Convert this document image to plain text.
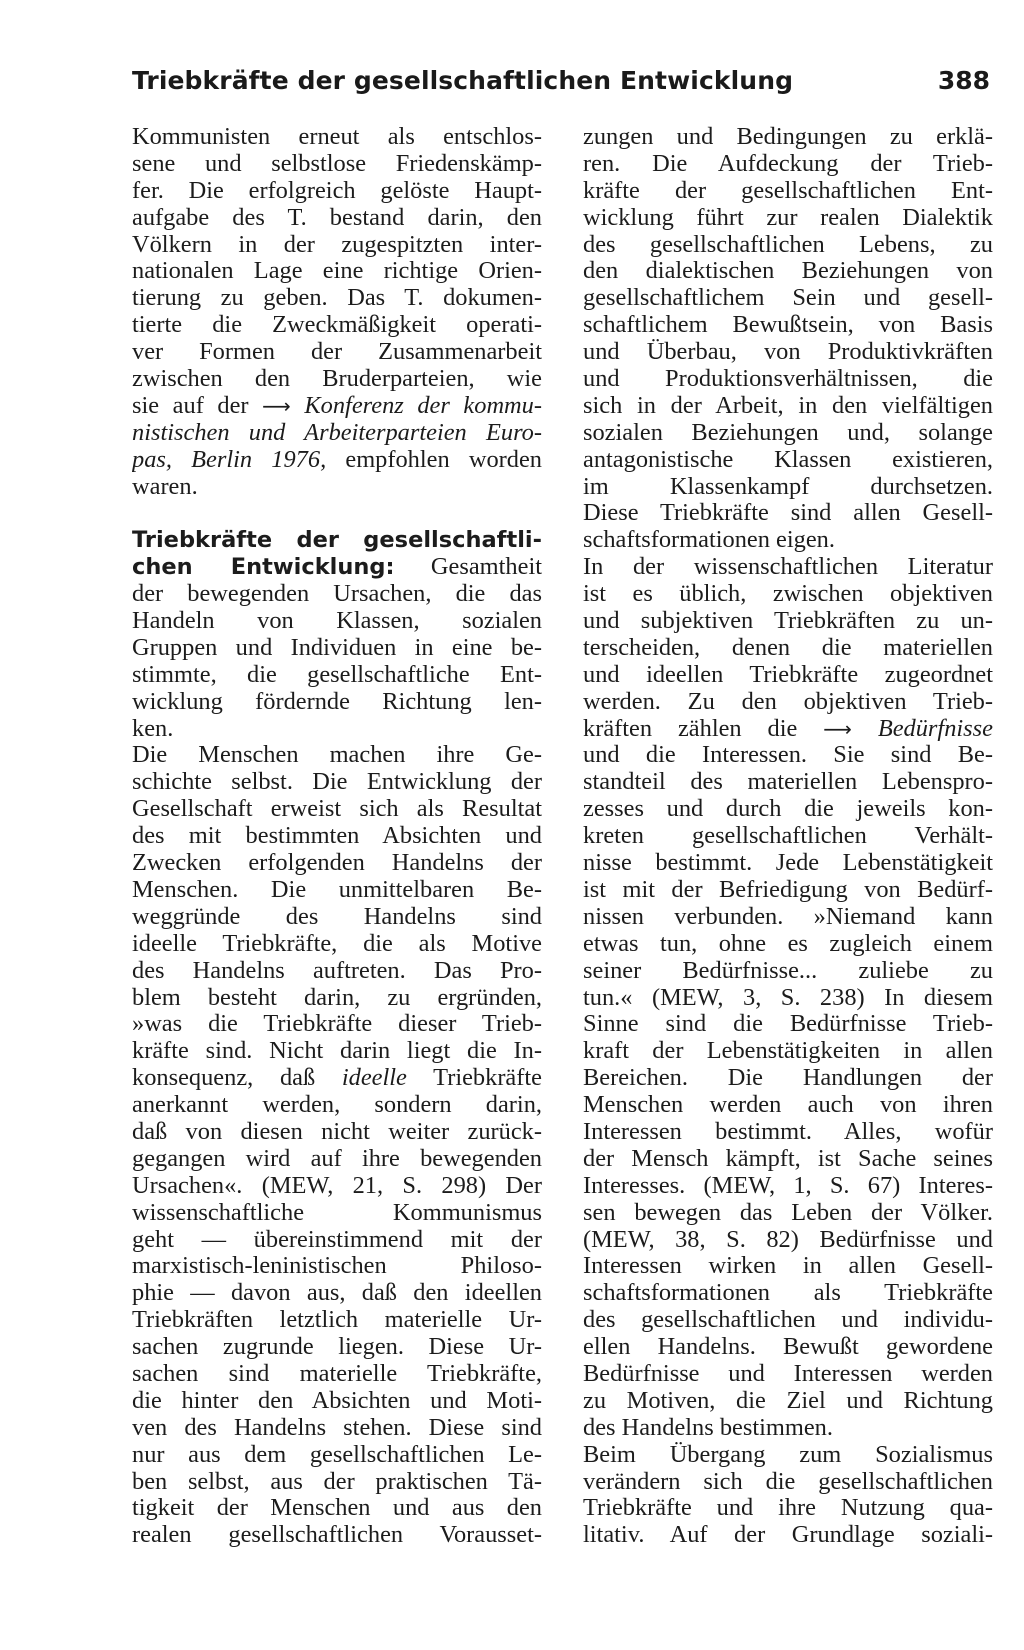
Triebkräfte der gesellschaftlichen Entwicklung	388
Kommunisten erneut als entschlos-
sene und selbstlose Friedenskämp-
fer. Die erfolgreich gelöste Haupt-
aufgabe des T. bestand darin, den
Völkern in der zugespitzten inter-
nationalen Lage eine richtige Orien-
tierung zu geben. Das T. dokumen-
tierte die Zweckmäßigkeit operati-
ver Formen der Zusammenarbeit
zwischen den Bruderparteien, wie
sie auf der ⟶ Konferenz der kommu-
nistischen und Arbeiterparteien Euro-
pas, Berlin 1976, empfohlen worden
waren.
Triebkräfte der gesellschaftli-
chen Entwicklung: Gesamtheit
der bewegenden Ursachen, die das
Handeln von Klassen, sozialen
Gruppen und Individuen in eine be-
stimmte, die gesellschaftliche Ent-
wicklung fördernde Richtung len-
ken.
Die Menschen machen ihre Ge-
schichte selbst. Die Entwicklung der
Gesellschaft erweist sich als Resultat
des mit bestimmten Absichten und
Zwecken erfolgenden Handelns der
Menschen. Die unmittelbaren Be-
weggründe des Handelns sind
ideelle Triebkräfte, die als Motive
des Handelns auftreten. Das Pro-
blem besteht darin, zu ergründen,
»was die Triebkräfte dieser Trieb-
kräfte sind. Nicht darin liegt die In-
konsequenz, daß ideelle Triebkräfte
anerkannt werden, sondern darin,
daß von diesen nicht weiter zurück-
gegangen wird auf ihre bewegenden
Ursachen«. (MEW, 21, S. 298) Der
wissenschaftliche Kommunismus
geht — übereinstimmend mit der
marxistisch-leninistischen Philoso-
phie — davon aus, daß den ideellen
Triebkräften letztlich materielle Ur-
sachen zugrunde liegen. Diese Ur-
sachen sind materielle Triebkräfte,
die hinter den Absichten und Moti-
ven des Handelns stehen. Diese sind
nur aus dem gesellschaftlichen Le-
ben selbst, aus der praktischen Tä-
tigkeit der Menschen und aus den
realen gesellschaftlichen Vorausset-
zungen und Bedingungen zu erklä-
ren. Die Aufdeckung der Trieb-
kräfte der gesellschaftlichen Ent-
wicklung führt zur realen Dialektik
des gesellschaftlichen Lebens, zu
den dialektischen Beziehungen von
gesellschaftlichem Sein und gesell-
schaftlichem Bewußtsein, von Basis
und Überbau, von Produktivkräften
und Produktionsverhältnissen, die
sich in der Arbeit, in den vielfältigen
sozialen Beziehungen und, solange
antagonistische Klassen existieren,
im Klassenkampf durchsetzen.
Diese Triebkräfte sind allen Gesell-
schaftsformationen eigen.
In der wissenschaftlichen Literatur
ist es üblich, zwischen objektiven
und subjektiven Triebkräften zu un-
terscheiden, denen die materiellen
und ideellen Triebkräfte zugeordnet
werden. Zu den objektiven Trieb-
kräften zählen die ⟶ Bedürfnisse
und die Interessen. Sie sind Be-
standteil des materiellen Lebenspro-
zesses und durch die jeweils kon-
kreten gesellschaftlichen Verhält-
nisse bestimmt. Jede Lebenstätigkeit
ist mit der Befriedigung von Bedürf-
nissen verbunden. »Niemand kann
etwas tun, ohne es zugleich einem
seiner Bedürfnisse... zuliebe zu
tun.« (MEW, 3, S. 238) In diesem
Sinne sind die Bedürfnisse Trieb-
kraft der Lebenstätigkeiten in allen
Bereichen. Die Handlungen der
Menschen werden auch von ihren
Interessen bestimmt. Alles, wofür
der Mensch kämpft, ist Sache seines
Interesses. (MEW, 1, S. 67) Interes-
sen bewegen das Leben der Völker.
(MEW, 38, S. 82) Bedürfnisse und
Interessen wirken in allen Gesell-
schaftsformationen als Triebkräfte
des gesellschaftlichen und individu-
ellen Handelns. Bewußt gewordene
Bedürfnisse und Interessen werden
zu Motiven, die Ziel und Richtung
des Handelns bestimmen.
Beim Übergang zum Sozialismus
verändern sich die gesellschaftlichen
Triebkräfte und ihre Nutzung qua-
litativ. Auf der Grundlage soziali-
